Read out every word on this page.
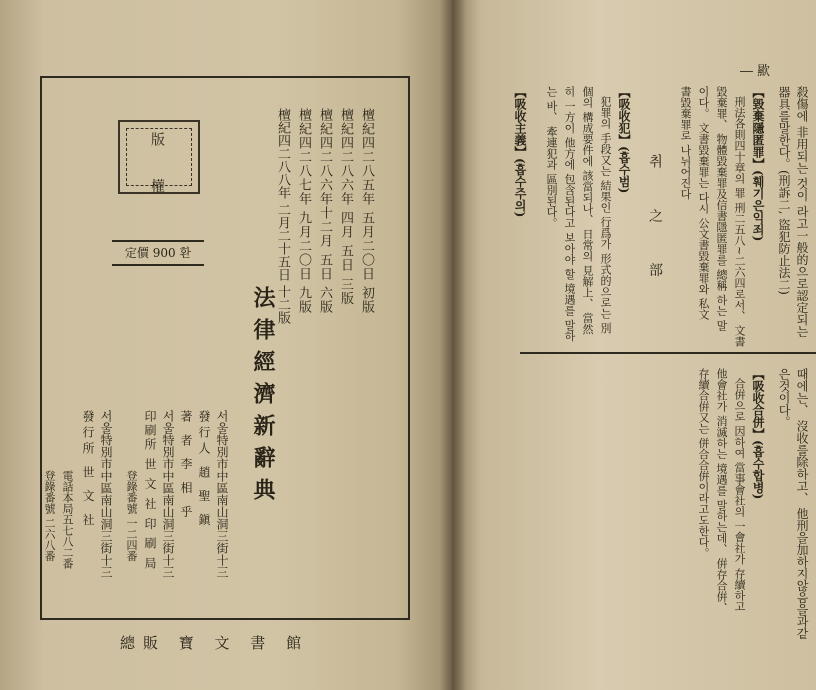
版 權
定價 900 환	檀紀四二八五年 五月二〇日 初版
檀紀四二八六年 四月 五日 三版
檀紀四二八六年十二月 五日 六版
檀紀四二八七年 九月二〇日 九版
檀紀四二八八年 二月二十五日 十二版
法律經濟新辭典
서울特別市中區南山洞三街十三
發行人 趙 聖 鎭
著 者 李 相 乎
서울特別市中區南山洞三街十三
印刷所 世 文 社 印 刷 局
登錄番號 一二四番
서울特別市中區南山洞三街十三
發行所 世 文 社
電話本局五七八二番
登錄番號 二六八番
總販 寶 文 書 館
― 歞
殺傷에 非用되는 것이 라고一般的으로認定되는
器具를말한다。(刑訴二, 盜犯防止法二)
【毀棄隱匿罪】(훼기은익죄)
刑法各則四十章의 罪 刑二五八~二六四로서、 文書
毀棄罪、 物體毀棄罪及信書隱匿罪를 總稱 하는 말
이다。 文書毀棄罪는 다시 公文書毀棄罪와 私文
書毀棄罪로 나뉘어진다
취 之 部
【吸收犯】(흡수범)
犯罪의 手段又는 結果인 行爲가 形式的으로는 別
個의 構成要件에 該當되나、 日常의 見解上、 當然
히 一方이 他方에 包含된다고 보아야 할 境遇를 말하
는 바、 牽連犯과 區別된다。
【吸收主義】(흡수주의)
때에는、 沒收를除하고、 他刑을加하지않음을과같
은것이다。
【吸收合併】(흡수합병)
合倂으로 因하여 當事會社의 一會社가 存續하고
他會社가 消滅하는 境遇를 말하는데、 倂存合倂、
存續合倂又는 併合合倂이라고도한다。
